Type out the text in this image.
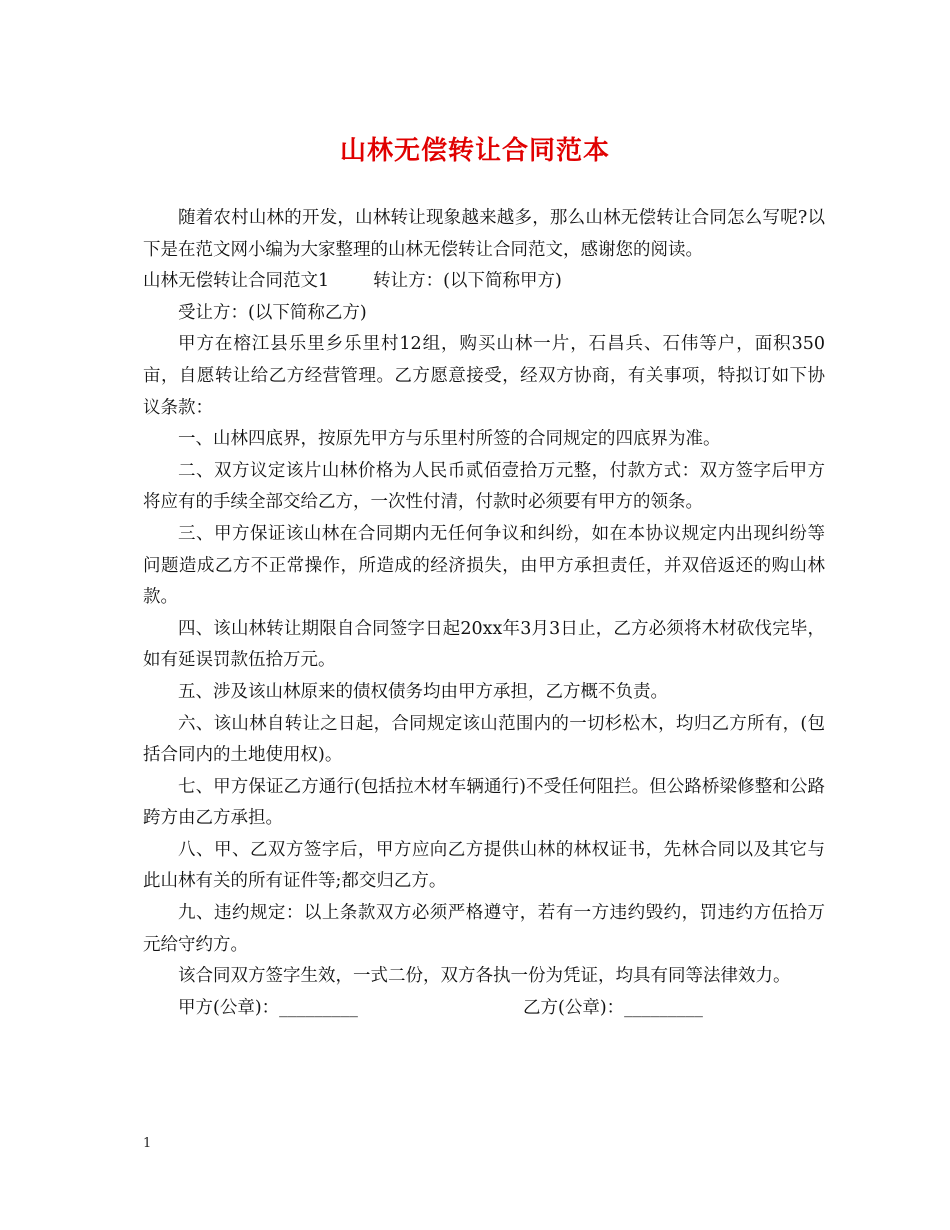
山林无偿转让合同范本

随着农村山林的开发，山林转让现象越来越多，那么山林无偿转让合同怎么写呢?以下是在范文网小编为大家整理的山林无偿转让合同范文，感谢您的阅读。

山林无偿转让合同范文1	转让方：(以下简称甲方)

受让方：(以下简称乙方)

甲方在榕江县乐里乡乐里村12组，购买山林一片，石昌兵、石伟等户，面积350亩，自愿转让给乙方经营管理。乙方愿意接受，经双方协商，有关事项，特拟订如下协议条款：

一、山林四底界，按原先甲方与乐里村所签的合同规定的四底界为准。

二、双方议定该片山林价格为人民币贰佰壹拾万元整，付款方式：双方签字后甲方将应有的手续全部交给乙方，一次性付清，付款时必须要有甲方的领条。

三、甲方保证该山林在合同期内无任何争议和纠纷，如在本协议规定内出现纠纷等问题造成乙方不正常操作，所造成的经济损失，由甲方承担责任，并双倍返还的购山林款。

四、该山林转让期限自合同签字日起20xx年3月3日止，乙方必须将木材砍伐完毕，如有延误罚款伍拾万元。

五、涉及该山林原来的债权债务均由甲方承担，乙方概不负责。

六、该山林自转让之日起，合同规定该山范围内的一切杉松木，均归乙方所有，(包括合同内的土地使用权)。

七、甲方保证乙方通行(包括拉木材车辆通行)不受任何阻拦。但公路桥梁修整和公路跨方由乙方承担。

八、甲、乙双方签字后，甲方应向乙方提供山林的林权证书，先林合同以及其它与此山林有关的所有证件等;都交归乙方。

九、违约规定：以上条款双方必须严格遵守，若有一方违约毁约，罚违约方伍拾万元给守约方。

该合同双方签字生效，一式二份，双方各执一份为凭证，均具有同等法律效力。

甲方(公章)：_________	乙方(公章)：_________
1
